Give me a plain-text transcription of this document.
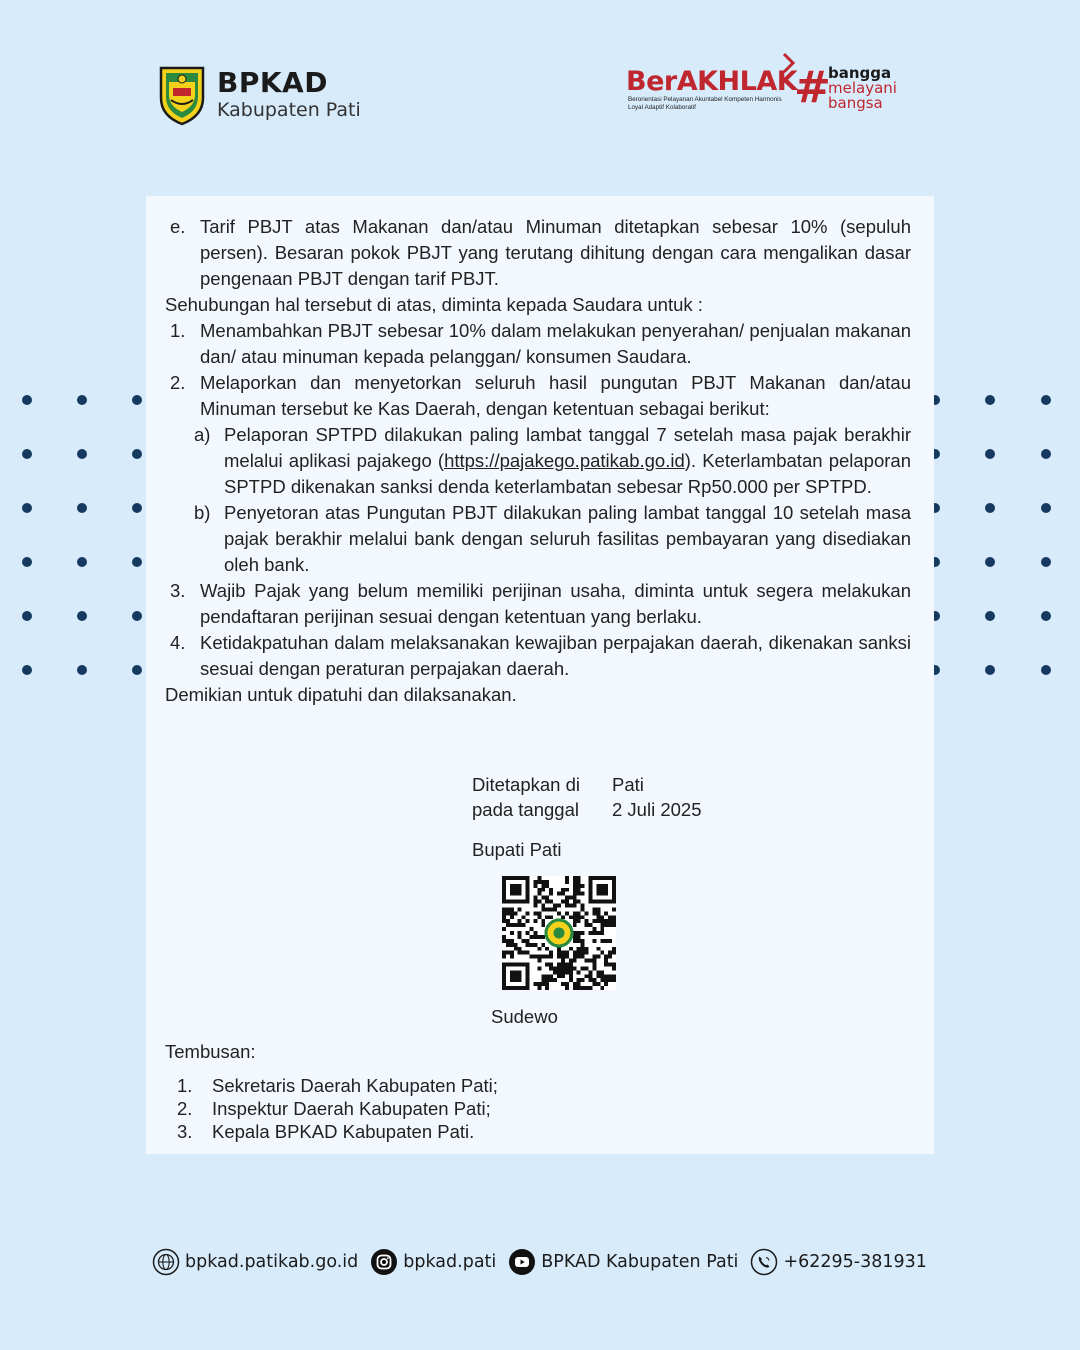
BPKAD
Kabupaten Pati
BerAKHLAK
Berorientasi Pelayanan Akuntabel Kompeten Harmonis Loyal Adaptif Kolaboratif	#
bangga
melayani
bangsa
e. Tarif PBJT atas Makanan dan/atau Minuman ditetapkan sebesar 10% (sepuluh persen). Besaran pokok PBJT yang terutang dihitung dengan cara mengalikan dasar pengenaan PBJT dengan tarif PBJT.
Sehubungan hal tersebut di atas, diminta kepada Saudara untuk :
1. Menambahkan PBJT sebesar 10% dalam melakukan penyerahan/ penjualan makanan dan/ atau minuman kepada pelanggan/ konsumen Saudara.
2. Melaporkan dan menyetorkan seluruh hasil pungutan PBJT Makanan dan/atau Minuman tersebut ke Kas Daerah, dengan ketentuan sebagai berikut:
a) Pelaporan SPTPD dilakukan paling lambat tanggal 7 setelah masa pajak berakhir melalui aplikasi pajakego (https://pajakego.patikab.go.id). Keterlambatan pelaporan SPTPD dikenakan sanksi denda keterlambatan sebesar Rp50.000 per SPTPD.
b) Penyetoran atas Pungutan PBJT dilakukan paling lambat tanggal 10 setelah masa pajak berakhir melalui bank dengan seluruh fasilitas pembayaran yang disediakan oleh bank.
3. Wajib Pajak yang belum memiliki perijinan usaha, diminta untuk segera melakukan pendaftaran perijinan sesuai dengan ketentuan yang berlaku.
4. Ketidakpatuhan dalam melaksanakan kewajiban perpajakan daerah, dikenakan sanksi sesuai dengan peraturan perpajakan daerah.
Demikian untuk dipatuhi dan dilaksanakan.
Ditetapkan di	Pati
pada tanggal	2 Juli 2025
Bupati Pati
Sudewo
Tembusan:
1.	Sekretaris Daerah Kabupaten Pati;
2.	Inspektur Daerah Kabupaten Pati;
3.	Kepala BPKAD Kabupaten Pati.
bpkad.patikab.go.id	bpkad.pati	BPKAD Kabupaten Pati	+62295-381931
